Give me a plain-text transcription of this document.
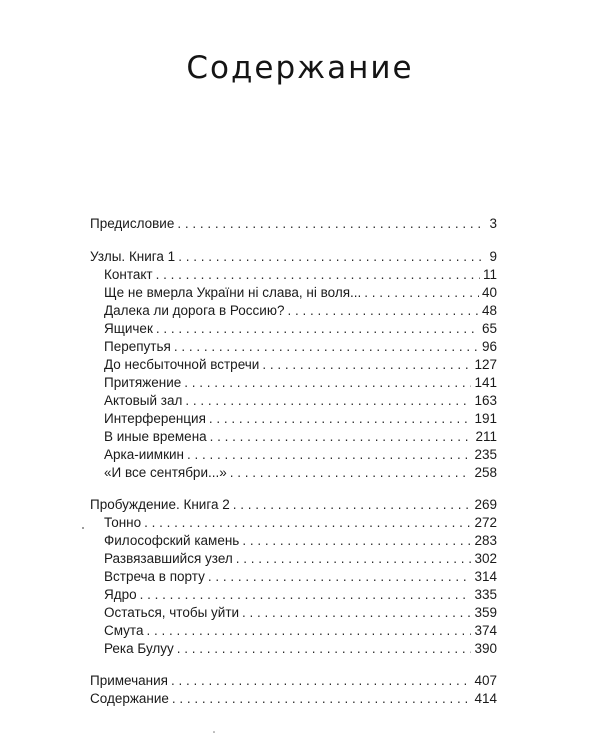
Содержание
Предисловие . . .	3
Узлы. Книга 1 . . .	9
Контакт . . .	11
Ще не вмерла України ні слава, ні воля... . . .	40
Далека ли дорога в Россию? . . .	48
Ящичек . . .	65
Перепутья . . .	96
До несбыточной встречи . . .	127
Притяжение . . .	141
Актовый зал . . .	163
Интерференция . . .	191
В иные времена . . .	211
Арка-иимкин . . .	235
«И все сентябри...» . . .	258
Пробуждение. Книга 2 . . .	269
Тонно . . .	272
Философский камень . . .	283
Развязавшийся узел . . .	302
Встреча в порту . . .	314
Ядро . . .	335
Остаться, чтобы уйти . . .	359
Смута . . .	374
Река Булуу . . .	390
Примечания . . .	407
Содержание . . .	414
